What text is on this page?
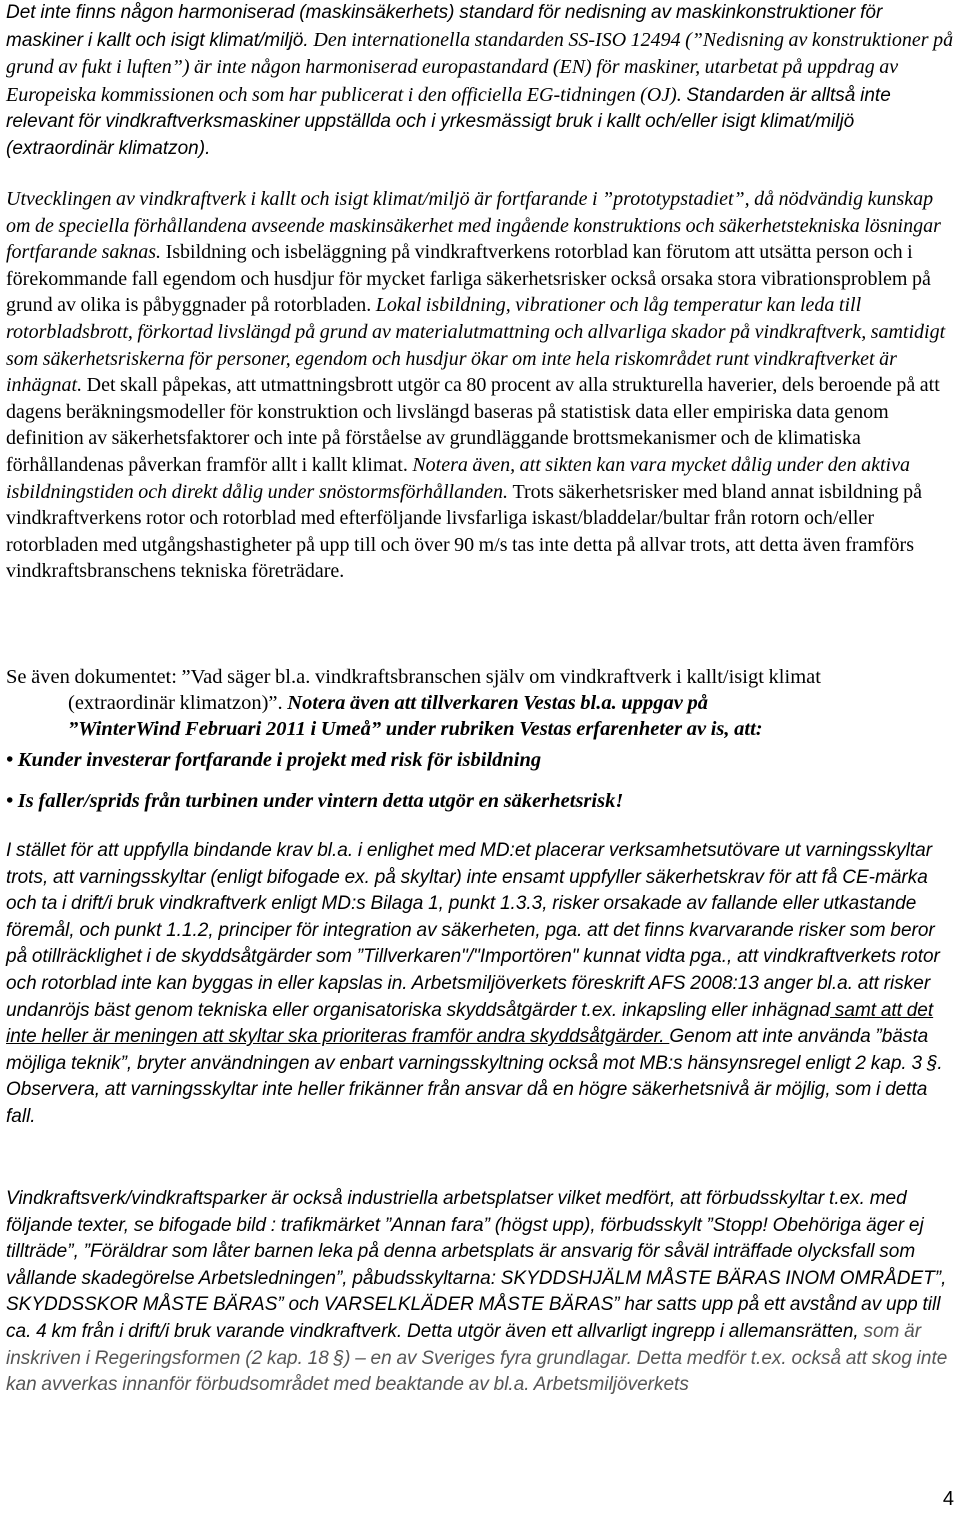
Det inte finns någon harmoniserad (maskinsäkerhets) standard för nedisning av maskinkonstruktioner för maskiner i kallt och isigt klimat/miljö. Den internationella standarden SS-ISO 12494 (”Nedisning av konstruktioner på grund av fukt i luften”) är inte någon harmoniserad europastandard (EN) för maskiner, utarbetat på uppdrag av Europeiska kommissionen och som har publicerat i den officiella EG-tidningen (OJ). Standarden är alltså inte relevant för vindkraftverksmaskiner uppställda och i yrkesmässigt bruk i kallt och/eller isigt klimat/miljö (extraordinär klimatzon).

Utvecklingen av vindkraftverk i kallt och isigt klimat/miljö är fortfarande i ”prototypstadiet”, då nödvändig kunskap om de speciella förhållandena avseende maskinsäkerhet med ingående konstruktions och säkerhetstekniska lösningar fortfarande saknas. Isbildning och isbeläggning på vindkraftverkens rotorblad kan förutom att utsätta person och i förekommande fall egendom och husdjur för mycket farliga säkerhetsrisker också orsaka stora vibrationsproblem på grund av olika is påbyggnader på rotorbladen. Lokal isbildning, vibrationer och låg temperatur kan leda till rotorbladsbrott, förkortad livslängd på grund av materialutmattning och allvarliga skador på vindkraftverk, samtidigt som säkerhetsriskerna för personer, egendom och husdjur ökar om inte hela riskområdet runt vindkraftverket är inhägnat. Det skall påpekas, att utmattningsbrott utgör ca 80 procent av alla strukturella haverier, dels beroende på att dagens beräkningsmodeller för konstruktion och livslängd baseras på statistisk data eller empiriska data genom definition av säkerhetsfaktorer och inte på förståelse av grundläggande brottsmekanismer och de klimatiska förhållandenas påverkan framför allt i kallt klimat. Notera även, att sikten kan vara mycket dålig under den aktiva isbildningstiden och direkt dålig under snöstormsförhållanden. Trots säkerhetsrisker med bland annat isbildning på vindkraftverkens rotor och rotorblad med efterföljande livsfarliga iskast/bladdelar/bultar från rotorn och/eller rotorbladen med utgångshastigheter på upp till och över 90 m/s tas inte detta på allvar trots, att detta även framförs vindkraftsbranschens tekniska företrädare.

Se även dokumentet: ”Vad säger bl.a. vindkraftsbranschen själv om vindkraftverk i kallt/isigt klimat
(extraordinär klimatzon)”. Notera även att tillverkaren Vestas bl.a. uppgav på
”WinterWind Februari 2011 i Umeå” under rubriken Vestas erfarenheter av is, att:

• Kunder investerar fortfarande i projekt med risk för isbildning

• Is faller/sprids från turbinen under vintern detta utgör en säkerhetsrisk!

I stället för att uppfylla bindande krav bl.a. i enlighet med MD:et placerar verksamhetsutövare ut varningsskyltar trots, att varningsskyltar (enligt bifogade ex. på skyltar) inte ensamt uppfyller säkerhetskrav för att få CE-märka och ta i drift/i bruk vindkraftverk enligt MD:s Bilaga 1, punkt 1.3.3, risker orsakade av fallande eller utkastande föremål, och punkt 1.1.2, principer för integration av säkerheten, pga. att det finns kvarvarande risker som beror på otillräcklighet i de skyddsåtgärder som ”Tillverkaren"/"Importören" kunnat vidta pga., att vindkraftverkets rotor och rotorblad inte kan byggas in eller kapslas in. Arbetsmiljöverkets föreskrift AFS 2008:13 anger bl.a. att risker undanröjs bäst genom tekniska eller organisatoriska skyddsåtgärder t.ex. inkapsling eller inhägnad samt att det inte heller är meningen att skyltar ska prioriteras framför andra skyddsåtgärder. Genom att inte använda ”bästa möjliga teknik”, bryter användningen av enbart varningsskyltning också mot MB:s hänsynsregel enligt 2 kap. 3 §. Observera, att varningsskyltar inte heller frikänner från ansvar då en högre säkerhetsnivå är möjlig, som i detta fall.

Vindkraftsverk/vindkraftsparker är också industriella arbetsplatser vilket medfört, att förbudsskyltar t.ex. med följande texter, se bifogade bild : trafikmärket ”Annan fara” (högst upp), förbudsskylt ”Stopp! Obehöriga äger ej tillträde”, ”Föräldrar som låter barnen leka på denna arbetsplats är ansvarig för såväl inträffade olycksfall som vållande skadegörelse Arbetsledningen”, påbudsskyltarna: SKYDDSHJÄLM MÅSTE BÄRAS INOM OMRÅDET”, SKYDDSSKOR MÅSTE BÄRAS” och VARSELKLÄDER MÅSTE BÄRAS” har satts upp på ett avstånd av upp till ca. 4 km från i drift/i bruk varande vindkraftverk. Detta utgör även ett allvarligt ingrepp i allemansrätten, som är inskriven i Regeringsformen (2 kap. 18 §) – en av Sveriges fyra grundlagar. Detta medför t.ex. också att skog inte kan avverkas innanför förbudsområdet med beaktande av bl.a. Arbetsmiljöverkets

4
